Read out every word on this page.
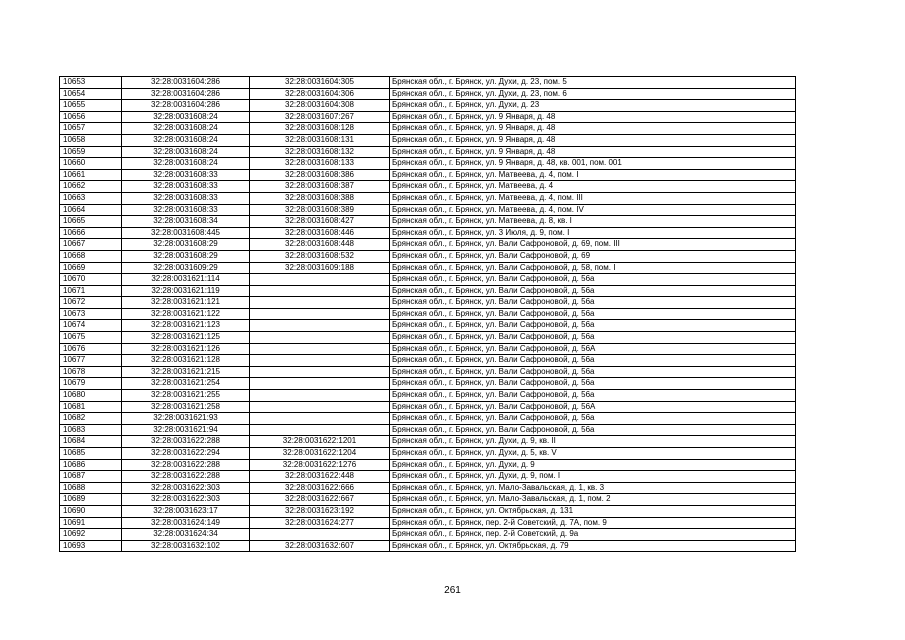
10653	32:28:0031604:286	32:28:0031604:305	Брянская обл., г. Брянск, ул. Духи, д. 23, пом. 5
10654	32:28:0031604:286	32:28:0031604:306	Брянская обл., г. Брянск, ул. Духи, д. 23, пом. 6
10655	32:28:0031604:286	32:28:0031604:308	Брянская обл., г. Брянск, ул. Духи, д. 23
10656	32:28:0031608:24	32:28:0031607:267	Брянская обл., г. Брянск, ул. 9 Января, д. 48
10657	32:28:0031608:24	32:28:0031608:128	Брянская обл., г. Брянск, ул. 9 Января, д. 48
10658	32:28:0031608:24	32:28:0031608:131	Брянская обл., г. Брянск, ул. 9 Января, д. 48
10659	32:28:0031608:24	32:28:0031608:132	Брянская обл., г. Брянск, ул. 9 Января, д. 48
10660	32:28:0031608:24	32:28:0031608:133	Брянская обл., г. Брянск, ул. 9 Января, д. 48, кв. 001, пом. 001
10661	32:28:0031608:33	32:28:0031608:386	Брянская обл., г. Брянск, ул. Матвеева, д. 4, пом. I
10662	32:28:0031608:33	32:28:0031608:387	Брянская обл., г. Брянск, ул. Матвеева, д. 4
10663	32:28:0031608:33	32:28:0031608:388	Брянская обл., г. Брянск, ул. Матвеева, д. 4, пом. III
10664	32:28:0031608:33	32:28:0031608:389	Брянская обл., г. Брянск, ул. Матвеева, д. 4, пом. IV
10665	32:28:0031608:34	32:28:0031608:427	Брянская обл., г. Брянск, ул. Матвеева, д. 8, кв. I
10666	32:28:0031608:445	32:28:0031608:446	Брянская обл., г. Брянск, ул. 3 Июля, д. 9, пом. I
10667	32:28:0031608:29	32:28:0031608:448	Брянская обл., г. Брянск, ул. Вали Сафроновой, д. 69, пом. III
10668	32:28:0031608:29	32:28:0031608:532	Брянская обл., г. Брянск, ул. Вали Сафроновой, д. 69
10669	32:28:0031609:29	32:28:0031609:188	Брянская обл., г. Брянск, ул. Вали Сафроновой, д. 58, пом. I
10670	32:28:0031621:114		Брянская обл., г. Брянск, ул. Вали Сафроновой, д. 56а
10671	32:28:0031621:119		Брянская обл., г. Брянск, ул. Вали Сафроновой, д. 56а
10672	32:28:0031621:121		Брянская обл., г. Брянск, ул. Вали Сафроновой, д. 56а
10673	32:28:0031621:122		Брянская обл., г. Брянск, ул. Вали Сафроновой, д. 56а
10674	32:28:0031621:123		Брянская обл., г. Брянск, ул. Вали Сафроновой, д. 56а
10675	32:28:0031621:125		Брянская обл., г. Брянск, ул. Вали Сафроновой, д. 56а
10676	32:28:0031621:126		Брянская обл., г. Брянск, ул. Вали Сафроновой, д. 56А
10677	32:28:0031621:128		Брянская обл., г. Брянск, ул. Вали Сафроновой, д. 56а
10678	32:28:0031621:215		Брянская обл., г. Брянск, ул. Вали Сафроновой, д. 56а
10679	32:28:0031621:254		Брянская обл., г. Брянск, ул. Вали Сафроновой, д. 56а
10680	32:28:0031621:255		Брянская обл., г. Брянск, ул. Вали Сафроновой, д. 56а
10681	32:28:0031621:258		Брянская обл., г. Брянск, ул. Вали Сафроновой, д. 56А
10682	32:28:0031621:93		Брянская обл., г. Брянск, ул. Вали Сафроновой, д. 56а
10683	32:28:0031621:94		Брянская обл., г. Брянск, ул. Вали Сафроновой, д. 56а
10684	32:28:0031622:288	32:28:0031622:1201	Брянская обл., г. Брянск, ул. Духи, д. 9, кв. II
10685	32:28:0031622:294	32:28:0031622:1204	Брянская обл., г. Брянск, ул. Духи, д. 5, кв. V
10686	32:28:0031622:288	32:28:0031622:1276	Брянская обл., г. Брянск, ул. Духи, д. 9
10687	32:28:0031622:288	32:28:0031622:448	Брянская обл., г. Брянск, ул. Духи, д. 9, пом. I
10688	32:28:0031622:303	32:28:0031622:666	Брянская обл., г. Брянск, ул. Мало-Завальская, д. 1, кв. 3
10689	32:28:0031622:303	32:28:0031622:667	Брянская обл., г. Брянск, ул. Мало-Завальская, д. 1, пом. 2
10690	32:28:0031623:17	32:28:0031623:192	Брянская обл., г. Брянск, ул. Октябрьская, д. 131
10691	32:28:0031624:149	32:28:0031624:277	Брянская обл., г. Брянск, пер. 2-й Советский, д. 7А, пом. 9
10692	32:28:0031624:34		Брянская обл., г. Брянск, пер. 2-й Советский, д. 9а
10693	32:28:0031632:102	32:28:0031632:607	Брянская обл., г. Брянск, ул. Октябрьская, д. 79
261
